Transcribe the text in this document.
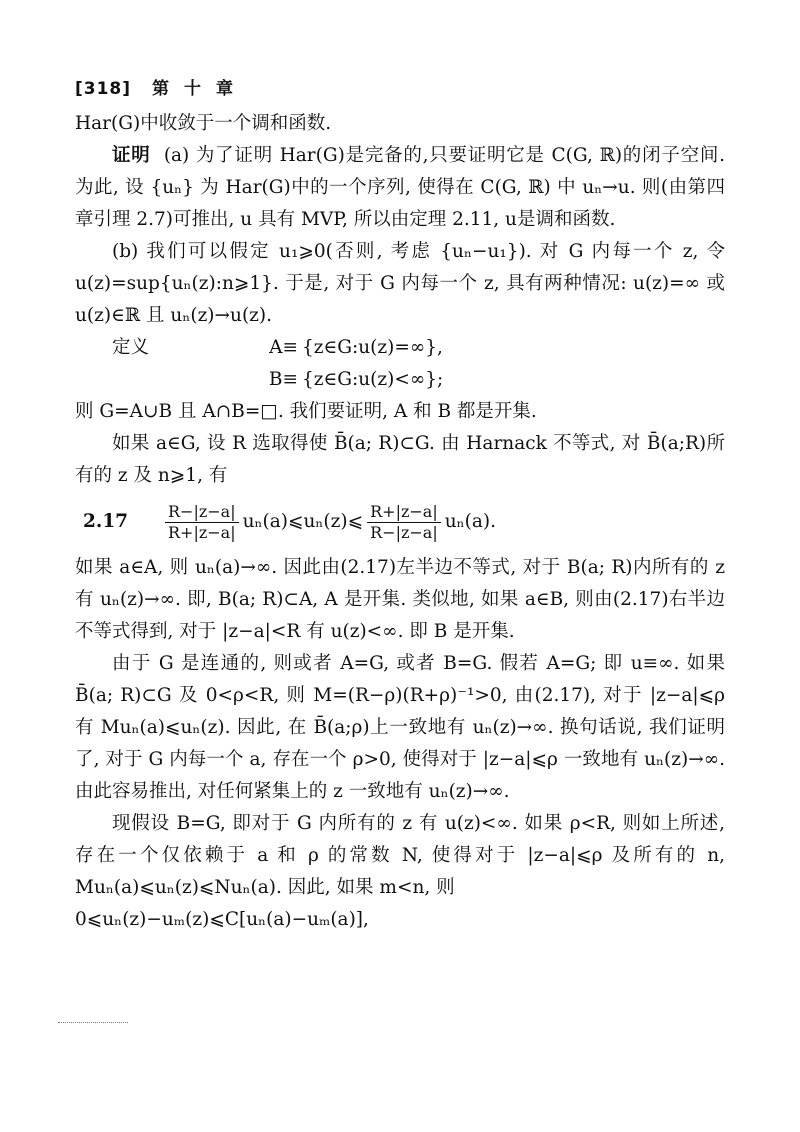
[318] 第 十 章

Har(G)中收敛于一个调和函数.

证明 (a) 为了证明 Har(G)是完备的,只要证明它是 C(G, ℝ)的闭子空间. 为此, 设 {uₙ} 为 Har(G)中的一个序列, 使得在 C(G, ℝ) 中 uₙ→u. 则(由第四章引理 2.7)可推出, u 具有 MVP, 所以由定理 2.11, u是调和函数.

(b) 我们可以假定 u₁⩾0(否则, 考虑 {uₙ−u₁}). 对 G 内每一个 z, 令 u(z)=sup{uₙ(z):n⩾1}. 于是, 对于 G 内每一个 z, 具有两种情况: u(z)=∞ 或 u(z)∈ℝ 且 uₙ(z)→u(z).

定义	A≡ {z∈G:u(z)=∞},
B≡ {z∈G:u(z)<∞};

则 G=A∪B 且 A∩B=□. 我们要证明, A 和 B 都是开集.

如果 a∈G, 设 R 选取得使 B̄(a; R)⊂G. 由 Harnack 不等式, 对 B̄(a;R)所有的 z 及 n⩾1, 有

2.17	$\frac{R-|z-a|}{R+|z-a|}$ uₙ(a)⩽uₙ(z)⩽ $\frac{R+|z-a|}{R-|z-a|} u_n(a)$.

如果 a∈A, 则 uₙ(a)→∞. 因此由(2.17)左半边不等式, 对于 B(a; R)内所有的 z 有 uₙ(z)→∞. 即, B(a; R)⊂A, A 是开集. 类似地, 如果 a∈B, 则由(2.17)右半边不等式得到, 对于 |z−a|<R 有 u(z)<∞. 即 B 是开集.

由于 G 是连通的, 则或者 A=G, 或者 B=G. 假若 A=G; 即 u≡∞. 如果 B̄(a; R)⊂G 及 0<ρ<R, 则 M=(R−ρ)(R+ρ)⁻¹>0, 由(2.17), 对于 |z−a|⩽ρ 有 Muₙ(a)⩽uₙ(z). 因此, 在 B̄(a;ρ)上一致地有 uₙ(z)→∞. 换句话说, 我们证明了, 对于 G 内每一个 a, 存在一个 ρ>0, 使得对于 |z−a|⩽ρ 一致地有 uₙ(z)→∞. 由此容易推出, 对任何紧集上的 z 一致地有 uₙ(z)→∞.

现假设 B=G, 即对于 G 内所有的 z 有 u(z)<∞. 如果 ρ<R, 则如上所述, 存在一个仅依赖于 a 和 ρ 的常数 N, 使得对于 |z−a|⩽ρ 及所有的 n, Muₙ(a)⩽uₙ(z)⩽Nuₙ(a). 因此, 如果 m<n, 则

0⩽uₙ(z)−uₘ(z)⩽C[uₙ(a)−uₘ(a)],
